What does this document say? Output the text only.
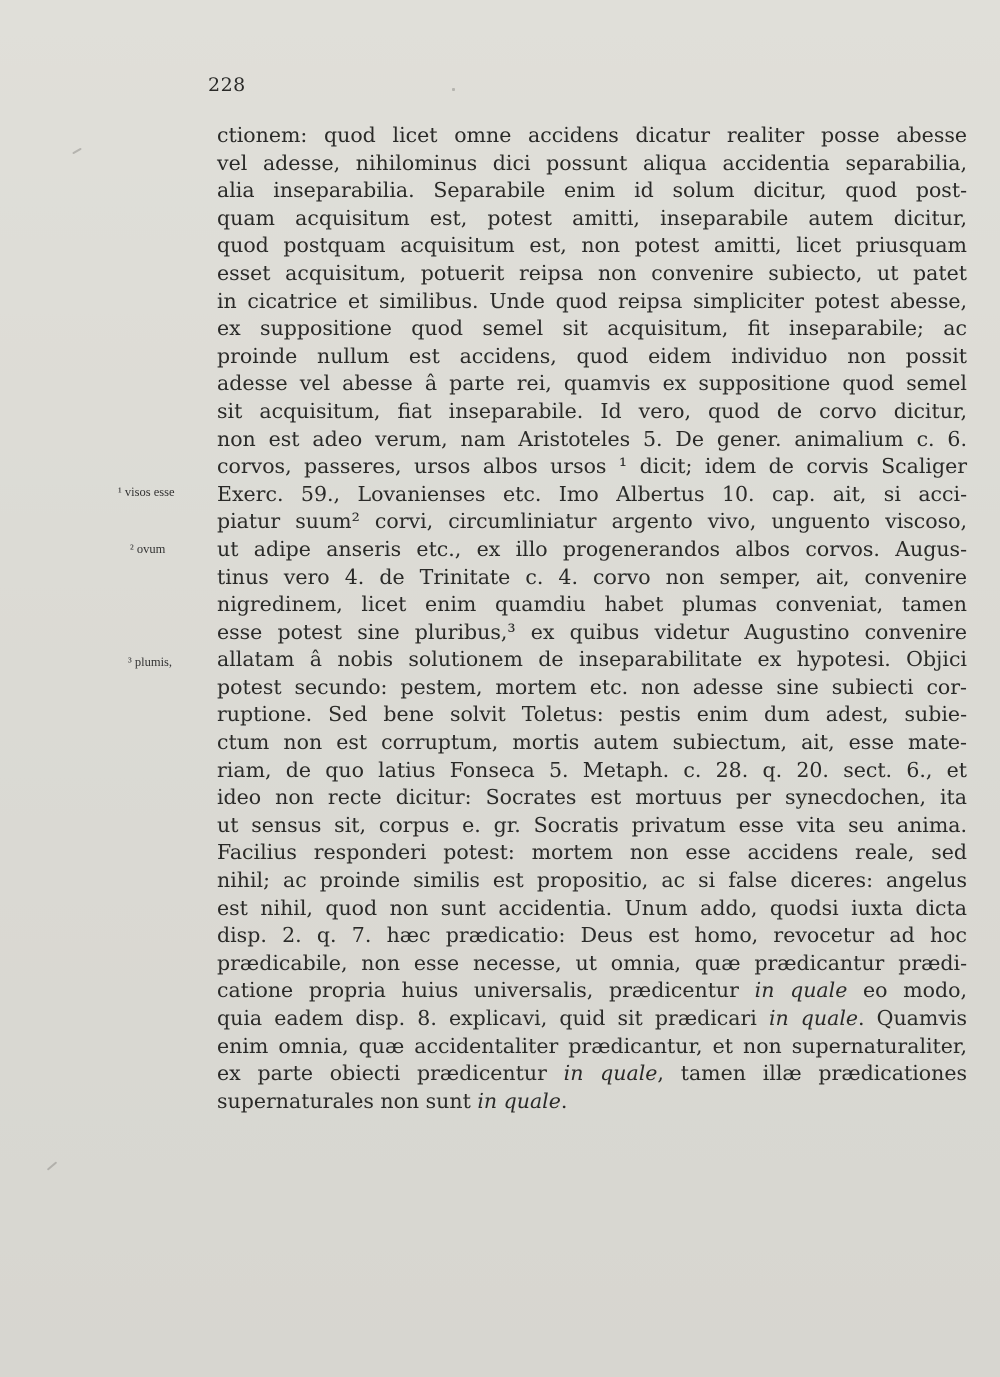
228
ctionem: quod licet omne accidens dicatur realiter posse abesse
vel adesse, nihilominus dici possunt aliqua accidentia separabilia,
alia inseparabilia. Separabile enim id solum dicitur, quod post-
quam acquisitum est, potest amitti, inseparabile autem dicitur,
quod postquam acquisitum est, non potest amitti, licet priusquam
esset acquisitum, potuerit reipsa non convenire subiecto, ut patet
in cicatrice et similibus. Unde quod reipsa simpliciter potest abesse,
ex suppositione quod semel sit acquisitum, fit inseparabile; ac
proinde nullum est accidens, quod eidem individuo non possit
adesse vel abesse â parte rei, quamvis ex suppositione quod semel
sit acquisitum, fiat inseparabile. Id vero, quod de corvo dicitur,
non est adeo verum, nam Aristoteles 5. De gener. animalium c. 6.
corvos, passeres, ursos albos ursos ¹ dicit; idem de corvis Scaliger
Exerc. 59., Lovanienses etc. Imo Albertus 10. cap. ait, si acci-
piatur suum² corvi, circumliniatur argento vivo, unguento viscoso,
ut adipe anseris etc., ex illo progenerandos albos corvos. Augus-
tinus vero 4. de Trinitate c. 4. corvo non semper, ait, convenire
nigredinem, licet enim quamdiu habet plumas conveniat, tamen
esse potest sine pluribus,³ ex quibus videtur Augustino convenire
allatam â nobis solutionem de inseparabilitate ex hypotesi. Objici
potest secundo: pestem, mortem etc. non adesse sine subiecti cor-
ruptione. Sed bene solvit Toletus: pestis enim dum adest, subie-
ctum non est corruptum, mortis autem subiectum, ait, esse mate-
riam, de quo latius Fonseca 5. Metaph. c. 28. q. 20. sect. 6., et
ideo non recte dicitur: Socrates est mortuus per synecdochen, ita
ut sensus sit, corpus e. gr. Socratis privatum esse vita seu anima.
Facilius responderi potest: mortem non esse accidens reale, sed
nihil; ac proinde similis est propositio, ac si false diceres: angelus
est nihil, quod non sunt accidentia. Unum addo, quodsi iuxta dicta
disp. 2. q. 7. hæc prædicatio: Deus est homo, revocetur ad hoc
prædicabile, non esse necesse, ut omnia, quæ prædicantur prædi-
catione propria huius universalis, prædicentur in quale eo modo,
quia eadem disp. 8. explicavi, quid sit prædicari in quale. Quamvis
enim omnia, quæ accidentaliter prædicantur, et non supernaturaliter,
ex parte obiecti prædicentur in quale, tamen illæ prædicationes
supernaturales non sunt in quale.
¹ visos esse
² ovum
³ plumis,
